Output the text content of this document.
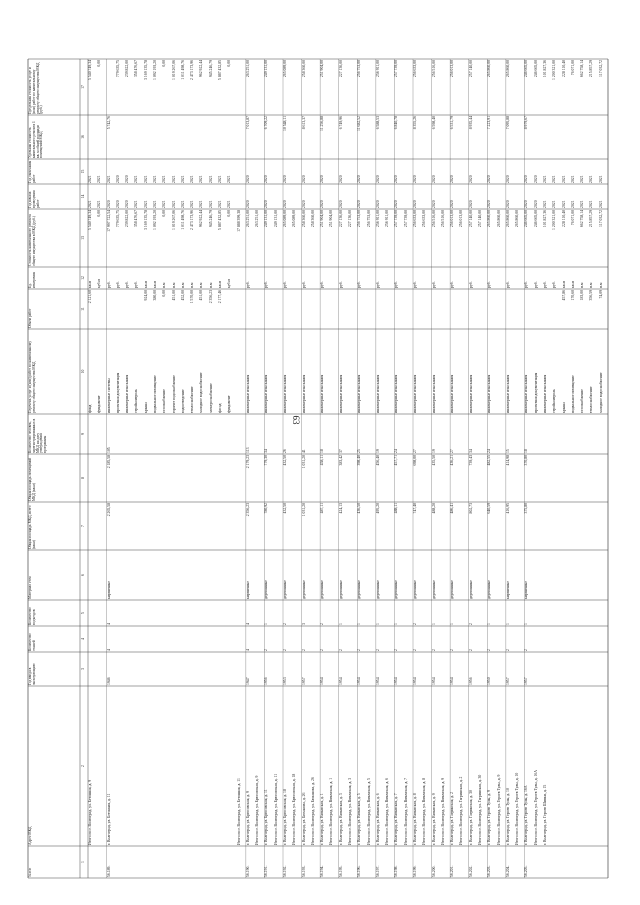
63
№ п/п
Адрес МКД
Год ввода в эксплуатацию
Количество этажей
Количество подъездов
Материал стен
Общая площадь МКД, всего (кв.м)
Общая площадь помещений МКД (кв.м)
Количество человек, зарегистрированных в МКД на дату утверждения программы
Перечень услуг и (или) работ по капитальному ремонту общего имущества МКД
Объем работ
Ед. измерения
Стоимость капитального ремонта общего имущества в МКД (руб.)
Год начала проведения работ
Год окончания работ
Удельная стоимость капитального ремонта 1 кв. м общей площади помещений МКД
Предельная стоимость услуг и (или) работ по капитальному ремонту общего имущества МКД (руб.)
1
2
3
4
5
6
7
8
9
10
11
12
13
14
15
16
17
Итого по г. Волгоград, ул. Бетонная, д. 9
фонд
2 121,60
кв.м
5 540 749,34
2021
2021
5 540 749,34
фундамент
куб.м
0,00
2021
2021
0,00
56.189.
г. Волгоград, ул. Бетонная, д. 11
1946
4
4
кирпичные
2 265,58
2 185,58
105
инженерные системы
руб.
17 997 722,54
2020
2021
5 742,76
проектная документация
руб.
779 635,75
2020
2020
779 635,75
инженерные изыскания
руб.
239 822,00
2020
2020
239 822,00
стройконтроль
руб.
358 476,67
2021
2021
358 476,67
крыша
924,00
кв.м
3 169 135,78
2021
2021
3 169 135,78
подвальное помещение
380,00
кв.м
1 092 193,20
2021
2021
1 092 193,20
газоснабжение
0,00
п.м
0,00
2021
2021
0,00
горячее водоснабжение
451,00
п.м
1 019 267,06
2021
2021
1 019 267,06
водоотведение
452,00
п.м
1 011 498,76
2021
2021
1 011 498,76
теплоснабжение
1 570,00
п.м
2 473 173,96
2021
2021
2 473 173,96
холодное водоснабжение
451,00
п.м
962 922,44
2021
2021
962 922,44
электроснабжение
2 356,23
п.м
945 246,79
2021
2021
945 246,79
фасад
2 177,46
кв.м
5 887 432,85
2021
2021
5 887 432,85
фундамент
куб.м
0,00
2021
2021
0,00
Итого по г. Волгоград, ул. Бетонная, д. 11
17 888 399,38
56.190.
г. Волгоград, ул. Брюсовская, д. 9
1947
4
4
кирпичные
2 356,23
2 179,23
113
инженерные изыскания
руб.
263 251,00
2020
2020
7 013,87
263 251,00
Итого по г. Волгоград, ул. Брюсовская, д. 9
263 251,00
56.191.
г. Волгоград, ул. Брюсовская, д. 11
1956
2
1
деревянные
780,92
779,30
34
инженерные изыскания
руб.
249 131,00
2020
2020
6 709,22
249 131,00
Итого по г. Волгоград, ул. Брюсовская, д. 11
249 131,00
56.192.
г. Волгоград, ул. Брюсовская, д. 18
1953
2
2
деревянные
432,50
432,50
26
инженерные изыскания
руб.
265 089,00
2020
2020
10 548,11
265 089,00
Итого по г. Волгоград, ул. Брюсовская, д. 18
265 089,00
56.193.
г. Волгоград, ул. Бюханова, д. 26
1957
2
3
деревянные
1 031,20
1 031,20
41
инженерные изыскания
руб.
258 360,00
2020
2020
8 613,37
258 360,00
Итого по г. Волгоград, ул. Бюханова, д. 26
258 360,00
56.194.
г. Волгоград, ул. Вязьмская, д. 1
1954
2
2
деревянные
487,11
458,11
18
инженерные изыскания
руб.
251 904,00
2020
2020
11 256,88
251 904,00
Итого по г. Волгоград, ул. Вязьмская, д. 1
251 904,00
56.195.
г. Волгоград, ул. Вязьмская, д. 3
1954
2
1
деревянные
424,13
383,42
37
инженерные изыскания
руб.
227 136,00
2020
2020
6 749,96
227 136,00
Итого по г. Волгоград, ул. Вязьмская, д. 3
227 136,00
56.196.
г. Волгоград, ул. Вязьмская, д. 5
1954
2
1
деревянные
436,50
398,40
25
инженерные изыскания
руб.
256 753,00
2020
2020
11 682,52
256 753,00
Итого по г. Волгоград, ул. Вязьмская, д. 5
256 753,00
56.197.
г. Волгоград, ул. Вязьмская, д. 6
1954
2
1
деревянные
495,20
456,40
19
инженерные изыскания
руб.
256 911,00
2020
2020
6 588,53
256 911,00
Итого по г. Волгоград, ул. Вязьмская, д. 6
256 911,00
56.198.
г. Волгоград, ул. Вязьмская, д. 7
1954
2
1
деревянные
488,11
457,71
24
инженерные изыскания
руб.
257 739,00
2020
2020
6 840,78
257 739,00
Итого по г. Волгоград, ул. Вязьмская, д. 7
257 739,00
56.199.
г. Волгоград, ул. Вязьмская, д. 8
1954
2
2
деревянные
747,40
698,00
27
инженерные изыскания
руб.
256 633,00
2020
2020
8 355,26
256 633,00
Итого по г. Волгоград, ул. Вязьмская, д. 8
256 633,00
56.200.
г. Волгоград, ул. Вязьмская, д. 9
1954
2
1
деревянные
488,20
435,50
19
инженерные изыскания
руб.
256 516,00
2020
2020
6 598,40
256 516,00
Итого по г. Волгоград, ул. Вязьмская, д. 9
256 516,00
56.201.
г. Волгоград, ул. Гагринская, д. 2
1954
2
1
деревянные
486,41
436,21
27
инженерные изыскания
руб.
256 013,00
2020
2020
6 531,79
256 013,00
Итого по г. Волгоград, ул. Гагринская, д. 2
256 013,00
56.202.
г. Волгоград, ул. Гагринская, д. 30
1956
2
2
деревянные
802,73
739,43
34
инженерные изыскания
руб.
257 140,00
2020
2020
8 935,44
257 140,00
Итого по г. Волгоград, ул. Гагринская, д. 30
257 140,00
56.203.
г. Волгоград, ул. Героев Тулы, д. 9
1950
2
1
деревянные
640,59
482,55
24
инженерные изыскания
руб.
265 860,00
2020
2020
7 223,91
265 860,00
Итого по г. Волгоград, ул. Героев Тулы, д. 9
265 860,00
56.204.
г. Волгоград, ул. Героев Тулы, д. 10
1957
2
1
кирпичные
416,95
414,98
15
инженерные изыскания
руб.
265 860,00
2020
2020
7 095,88
265 860,00
Итого по г. Волгоград, ул. Героев Тулы, д. 10
265 860,00
56.205.
г. Волгоград, ул. Героев Тулы, д. 16А
1957
2
1
кирпичные
375,80
370,80
18
инженерные изыскания
руб.
246 665,00
2020
2020
8 979,67
246 665,00
Итого по г. Волгоград, ул. Героев Тулы, д. 16А
проектная документация
руб.
246 665,00
2020
2020
246 665,00
г. Волгоград, ул. Героев Шипки, д. 15
инженерные изыскания
руб.
101 827,36
2021
2021
101 827,36
стройконтроль
руб.
1 200 321,00
2021
2021
1 200 321,00
крыша
457,86
кв.м
228 110,40
2021
2021
228 110,40
подвальное помещение
170,60
кв.м
76 071,00
2021
2021
76 071,00
газоснабжение
183,00
п.м
662 758,14
2021
2021
662 758,14
теплоснабжение
356,59
п.м
215 857,29
2021
2021
215 857,29
холодное водоснабжение
74,09
п.м
117 032,72
2021
2021
117 032,72
